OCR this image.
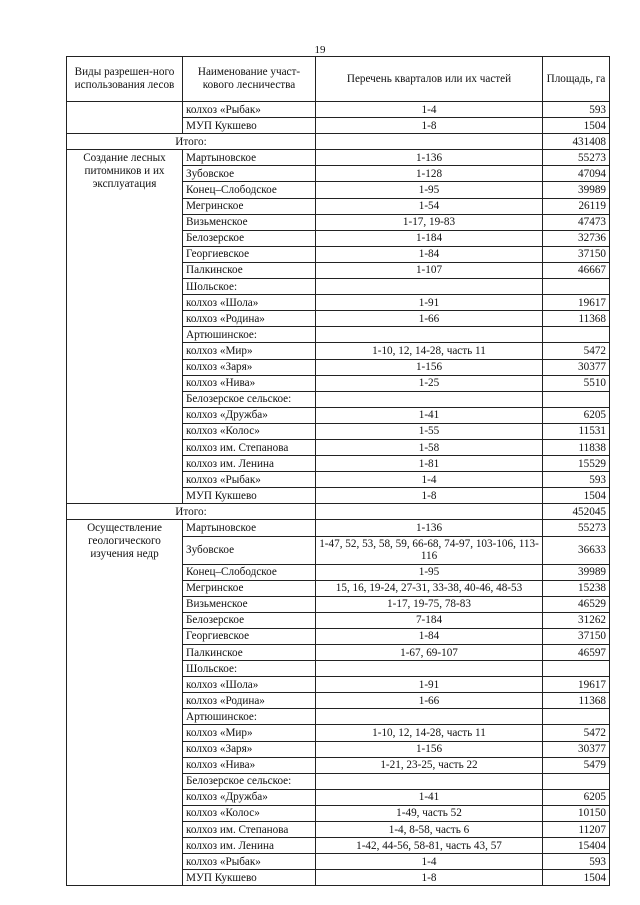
19
Виды разрешен-ного использования лесов	Наименование участ-кового лесничества	Перечень кварталов или их частей	Площадь, га
	колхоз «Рыбак»	1-4	593
	МУП Кукшево	1-8	1504
Итого:			431408
Создание лесных питомников и их эксплуатация	Мартыновское	1-136	55273
	Зубовское	1-128	47094
	Конец–Слободское	1-95	39989
	Мегринское	1-54	26119
	Визьменское	1-17, 19-83	47473
	Белозерское	1-184	32736
	Георгиевское	1-84	37150
	Палкинское	1-107	46667
	Шольское:		
	колхоз «Шола»	1-91	19617
	колхоз «Родина»	1-66	11368
	Артюшинское:		
	колхоз «Мир»	1-10, 12, 14-28, часть 11	5472
	колхоз «Заря»	1-156	30377
	колхоз «Нива»	1-25	5510
	Белозерское сельское:		
	колхоз «Дружба»	1-41	6205
	колхоз «Колос»	1-55	11531
	колхоз им. Степанова	1-58	11838
	колхоз им. Ленина	1-81	15529
	колхоз «Рыбак»	1-4	593
	МУП Кукшево	1-8	1504
Итого:			452045
Осуществление геологического изучения недр	Мартыновское	1-136	55273
	Зубовское	1-47, 52, 53, 58, 59, 66-68, 74-97, 103-106, 113-116	36633
	Конец–Слободское	1-95	39989
	Мегринское	15, 16, 19-24, 27-31, 33-38, 40-46, 48-53	15238
	Визьменское	1-17, 19-75, 78-83	46529
	Белозерское	7-184	31262
	Георгиевское	1-84	37150
	Палкинское	1-67, 69-107	46597
	Шольское:		
	колхоз «Шола»	1-91	19617
	колхоз «Родина»	1-66	11368
	Артюшинское:		
	колхоз «Мир»	1-10, 12, 14-28, часть 11	5472
	колхоз «Заря»	1-156	30377
	колхоз «Нива»	1-21, 23-25, часть 22	5479
	Белозерское сельское:		
	колхоз «Дружба»	1-41	6205
	колхоз «Колос»	1-49, часть 52	10150
	колхоз им. Степанова	1-4, 8-58, часть 6	11207
	колхоз им. Ленина	1-42, 44-56, 58-81, часть 43, 57	15404
	колхоз «Рыбак»	1-4	593
	МУП Кукшево	1-8	1504
